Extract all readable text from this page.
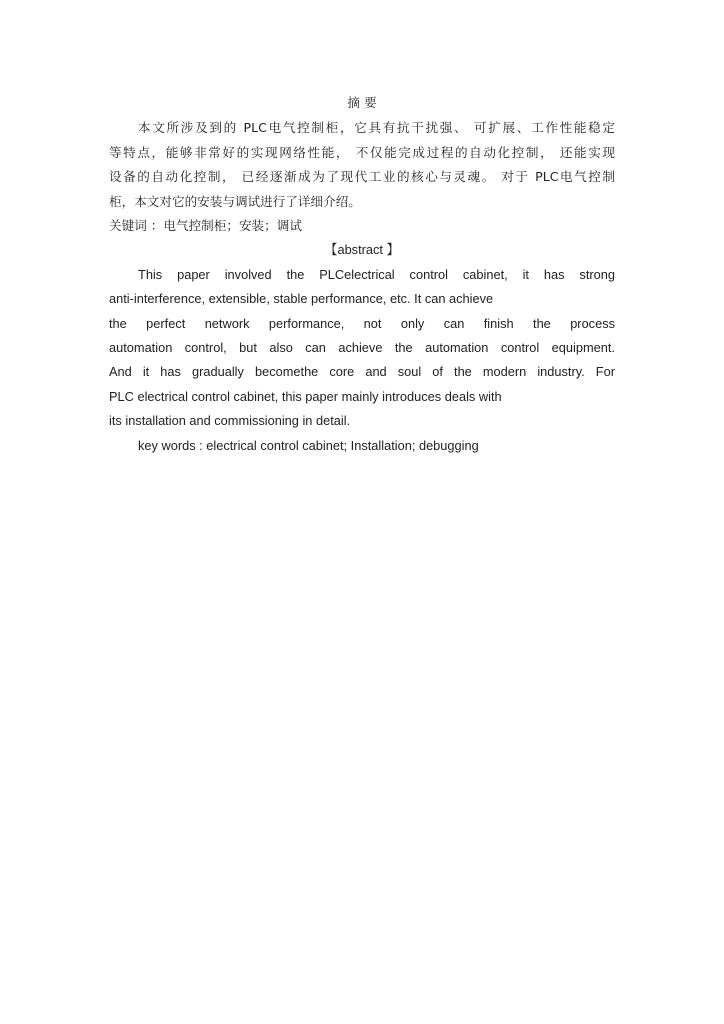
摘 要
本文所涉及到的 PLC电气控制柜，它具有抗干扰强、 可扩展、工作性能稳定
等特点，能够非常好的实现网络性能， 不仅能完成过程的自动化控制， 还能实现
设备的自动化控制， 已经逐渐成为了现代工业的核心与灵魂。 对于 PLC电气控制
柜，本文对它的安装与调试进行了详细介绍。
关键词 ：电气控制柜；安装；调试
【abstract 】
This paper involved the PLCelectrical control cabinet, it has strong
anti-interference, extensible, stable performance, etc. It can achieve
the perfect network performance, not only can finish the process
automation control, but also can achieve the automation control equipment.
And it has gradually becomethe core and soul of the modern industry. For
PLC electrical control cabinet, this paper mainly introduces deals with
its installation and commissioning in detail.
key words : electrical control cabinet; Installation; debugging
